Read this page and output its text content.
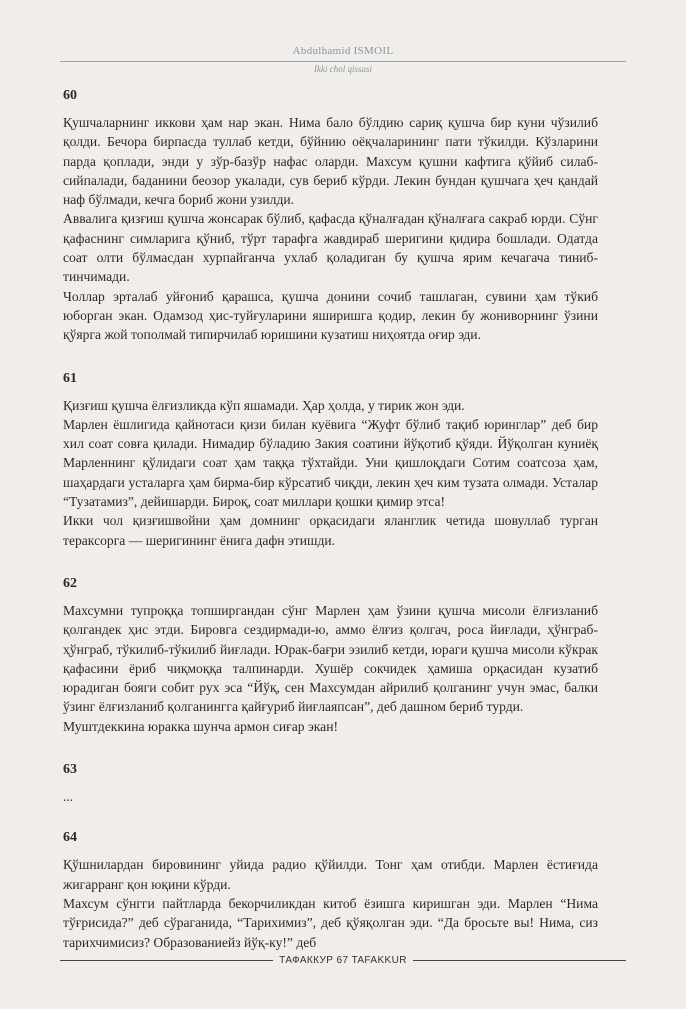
Abdulhamid ISMOIL
Ikki chol qissasi

60

Қушчаларнинг иккови ҳам нар экан. Нима бало бўлдию сариқ қушча бир куни чўзилиб қолди. Бечора бирпасда туллаб кетди, бўйнию оёқчаларининг пати тўкилди. Кўзларини парда қоплади, энди у зўр-базўр нафас оларди. Махсум қушни кафтига қўйиб силаб-сийпалади, баданини беозор укалади, сув бериб кўрди. Лекин бундан қушчага ҳеч қандай наф бўлмади, кечга бориб жони узилди.

Аввалига қизғиш қушча жонсарак бўлиб, қафасда қўналғадан қўналғага сакраб юрди. Сўнг қафаснинг симларига қўниб, тўрт тарафга жавдираб шеригини қидира бошлади. Одатда соат олти бўлмасдан хурпайганча ухлаб қоладиган бу қушча ярим кечагача тиниб-тинчимади.

Чоллар эрталаб уйғониб қарашса, қушча донини сочиб ташлаган, сувини ҳам тўкиб юборган экан. Одамзод ҳис-туйғуларини яширишга қодир, лекин бу жониворнинг ўзини қўярга жой тополмай типирчилаб юришини кузатиш ниҳоятда оғир эди.

61

Қизғиш қушча ёлғизликда кўп яшамади. Ҳар ҳолда, у тирик жон эди.

Марлен ёшлигида қайнотаси қизи билан куёвига “Жуфт бўлиб тақиб юринглар” деб бир хил соат совға қилади. Нимадир бўладию Закия соатини йўқотиб қўяди. Йўқолган куниёқ Марленнинг қўлидаги соат ҳам таққа тўхтайди. Уни қишлоқдаги Сотим соатсоза ҳам, шаҳардаги усталарга ҳам бирма-бир кўрсатиб чиқди, лекин ҳеч ким тузата олмади. Усталар “Тузатамиз”, дейишарди. Бироқ, соат миллари қошки қимир этса!

Икки чол қизғишвойни ҳам домнинг орқасидаги яланглик четида шовуллаб турган тераксорга — шеригининг ёнига дафн этишди.

62

Махсумни тупроққа топширгандан сўнг Марлен ҳам ўзини қушча мисоли ёлғизланиб қолгандек ҳис этди. Бировга сездирмади-ю, аммо ёлғиз қолгач, роса йиғлади, ҳўнграб-ҳўнграб, тўкилиб-тўкилиб йиғлади. Юрак-бағри эзилиб кетди, юраги қушча мисоли кўкрак қафасини ёриб чиқмоққа талпинарди. Хушёр сокчидек ҳамиша орқасидан кузатиб юрадиган бояги собит рух эса “Йўқ, сен Махсумдан айрилиб қолганинг учун эмас, балки ўзинг ёлғизланиб қолганингга қайғуриб йиғлаяпсан”, деб дашном бериб турди.

Муштдеккина юракка шунча армон сиғар экан!

63

...

64

Қўшнилардан бировининг уйида радио қўйилди. Тонг ҳам отибди. Марлен ёстиғида жигарранг қон юқини кўрди.

Махсум сўнгги пайтларда бекорчиликдан китоб ёзишга киришган эди. Марлен “Нима тўғрисида?” деб сўраганида, “Тарихимиз”, деб қўяқолган эди. “Да бросьте вы! Нима, сиз тарихчимисиз? Образованиейз йўқ-ку!” деб

ТАФАККУР 67 TAFAKKUR
